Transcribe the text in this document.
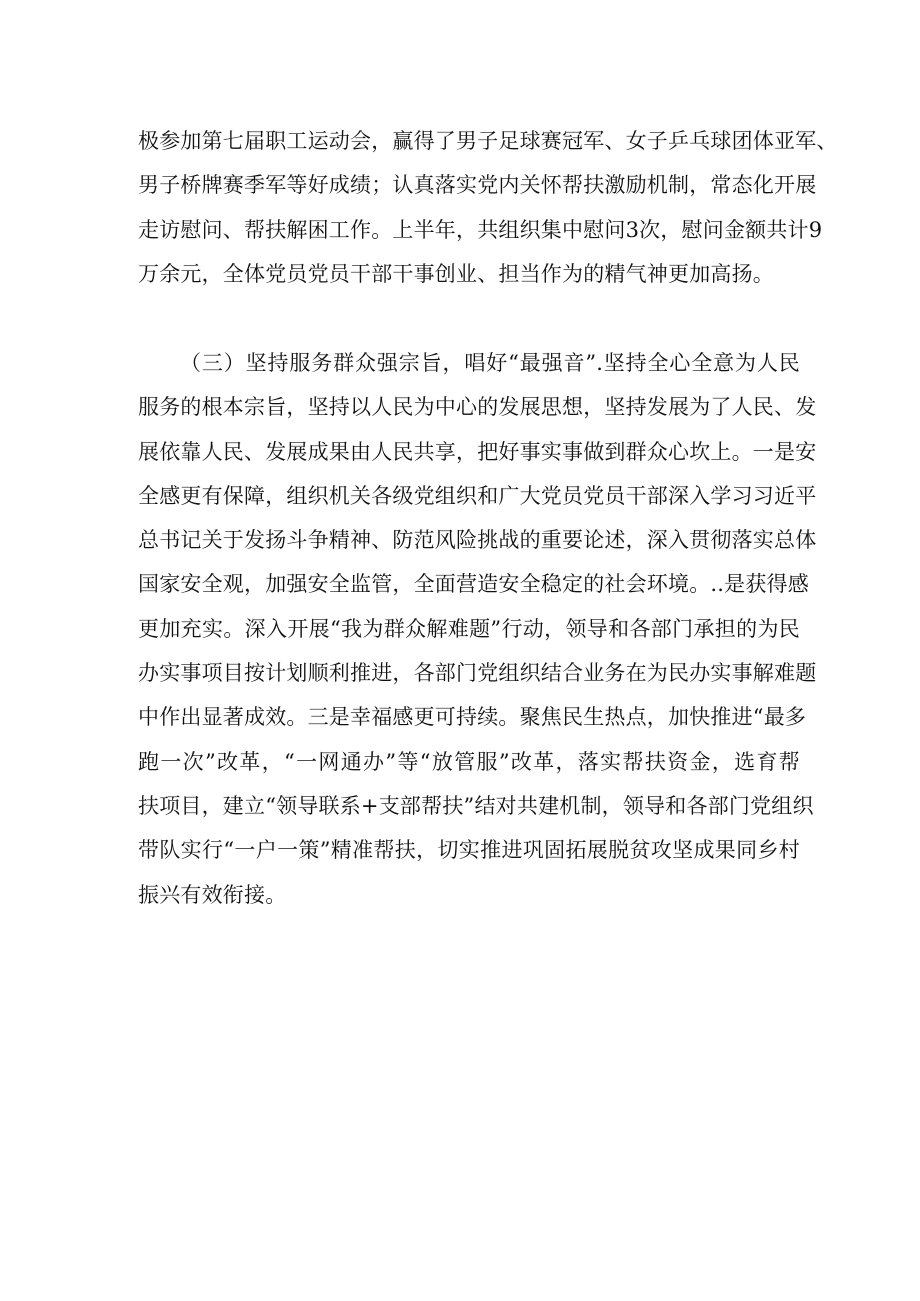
极参加第七届职工运动会，赢得了男子足球赛冠军、女子乒乓球团体亚军、
男子桥牌赛季军等好成绩；认真落实党内关怀帮扶激励机制，常态化开展
走访慰问、帮扶解困工作。上半年，共组织集中慰问3次，慰问金额共计9
万余元，全体党员党员干部干事创业、担当作为的精气神更加高扬。
（三）坚持服务群众强宗旨，唱好“最强音”.坚持全心全意为人民
服务的根本宗旨，坚持以人民为中心的发展思想，坚持发展为了人民、发
展依靠人民、发展成果由人民共享，把好事实事做到群众心坎上。一是安
全感更有保障，组织机关各级党组织和广大党员党员干部深入学习习近平
总书记关于发扬斗争精神、防范风险挑战的重要论述，深入贯彻落实总体
国家安全观，加强安全监管，全面营造安全稳定的社会环境。..是获得感
更加充实。深入开展“我为群众解难题”行动，领导和各部门承担的为民
办实事项目按计划顺利推进，各部门党组织结合业务在为民办实事解难题
中作出显著成效。三是幸福感更可持续。聚焦民生热点，加快推进“最多
跑一次”改革，“一网通办”等“放管服”改革，落实帮扶资金，选育帮
扶项目，建立“领导联系+支部帮扶”结对共建机制，领导和各部门党组织
带队实行“一户一策”精准帮扶，切实推进巩固拓展脱贫攻坚成果同乡村
振兴有效衔接。
